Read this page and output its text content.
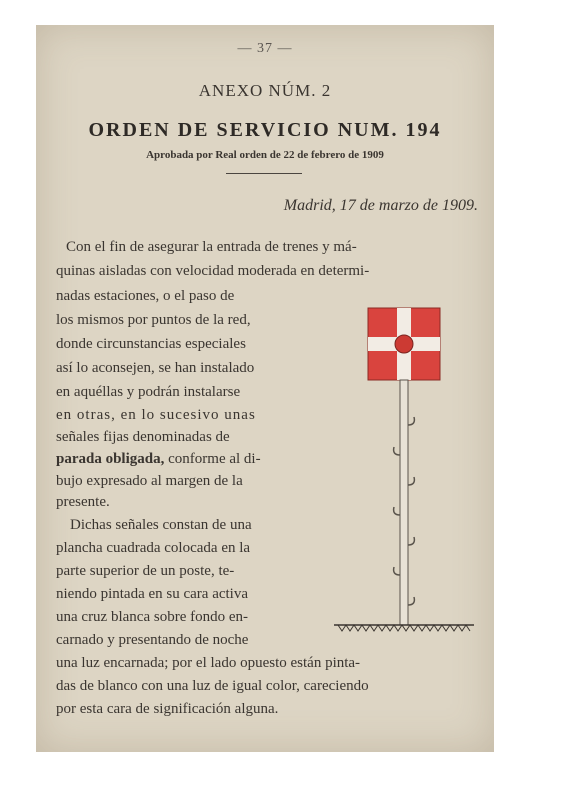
— 37 —
ANEXO NÚM. 2
ORDEN DE SERVICIO NUM. 194
Aprobada por Real orden de 22 de febrero de 1909
Madrid, 17 de marzo de 1909.
Con el fin de asegurar la entrada de trenes y má-
quinas aisladas con velocidad moderada en determi-
nadas estaciones, o el paso de
los mismos por puntos de la red,
donde circunstancias especiales
así lo aconsejen, se han instalado
en aquéllas y podrán instalarse
en otras, en lo sucesivo unas
señales fijas denominadas de
parada obligada, conforme al di-
bujo expresado al margen de la
presente.
Dichas señales constan de una
plancha cuadrada colocada en la
parte superior de un poste, te-
niendo pintada en su cara activa
una cruz blanca sobre fondo en-
carnado y presentando de noche
una luz encarnada; por el lado opuesto están pinta-
das de blanco con una luz de igual color, careciendo
por esta cara de significación alguna.
